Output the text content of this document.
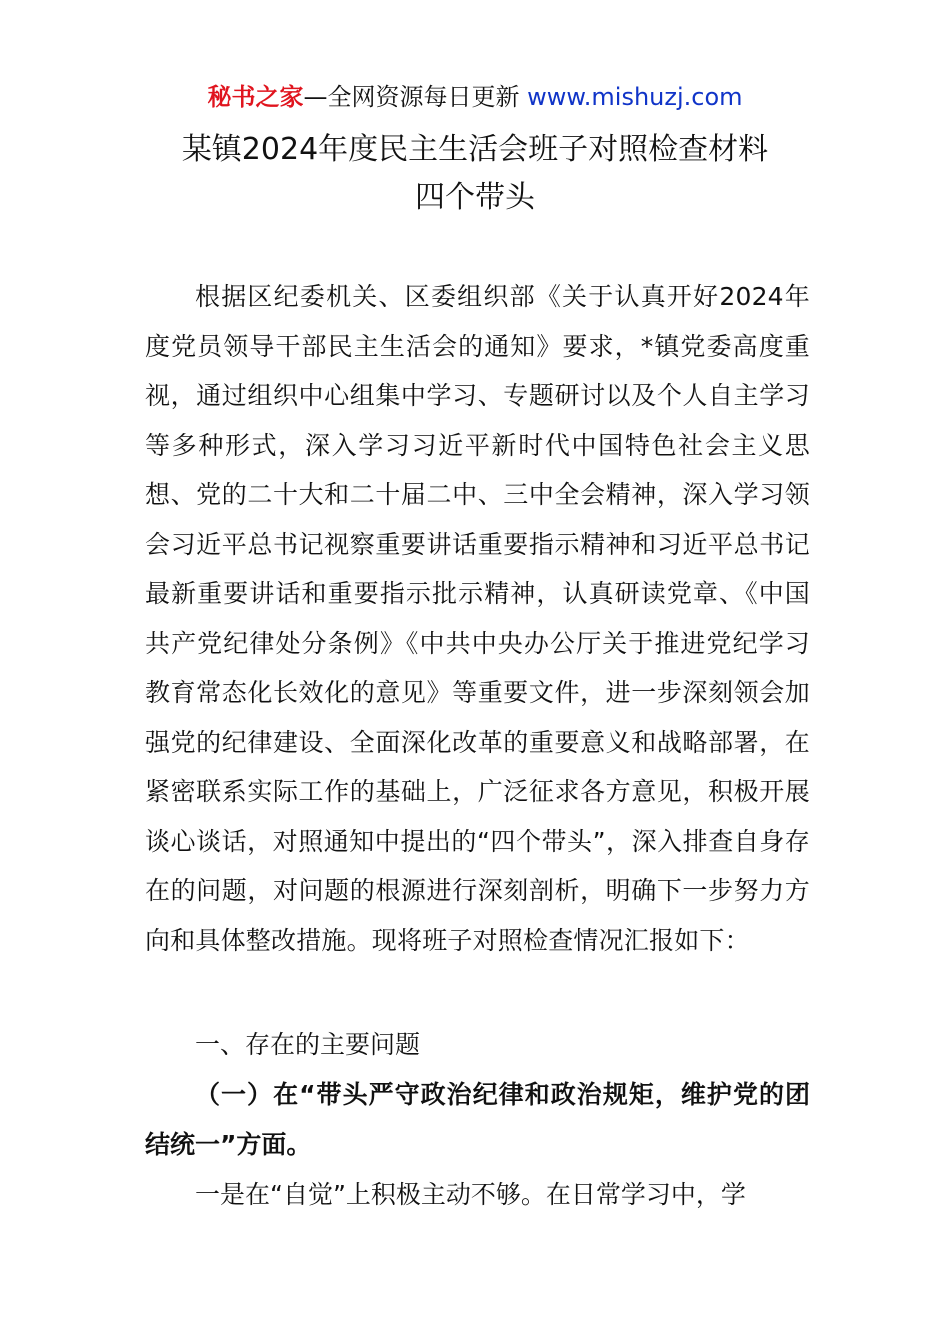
秘书之家—全网资源每日更新 www.mishuzj.com
某镇2024年度民主生活会班子对照检查材料
四个带头
根据区纪委机关、区委组织部《关于认真开好2024年度党员领导干部民主生活会的通知》要求，*镇党委高度重视，通过组织中心组集中学习、专题研讨以及个人自主学习等多种形式，深入学习习近平新时代中国特色社会主义思想、党的二十大和二十届二中、三中全会精神，深入学习领会习近平总书记视察重要讲话重要指示精神和习近平总书记最新重要讲话和重要指示批示精神，认真研读党章、《中国共产党纪律处分条例》《中共中央办公厅关于推进党纪学习教育常态化长效化的意见》等重要文件，进一步深刻领会加强党的纪律建设、全面深化改革的重要意义和战略部署，在紧密联系实际工作的基础上，广泛征求各方意见，积极开展谈心谈话，对照通知中提出的“四个带头”，深入排查自身存在的问题，对问题的根源进行深刻剖析，明确下一步努力方向和具体整改措施。现将班子对照检查情况汇报如下：
一、存在的主要问题
（一）在“带头严守政治纪律和政治规矩，维护党的团结统一”方面。
一是在“自觉”上积极主动不够。在日常学习中，学
